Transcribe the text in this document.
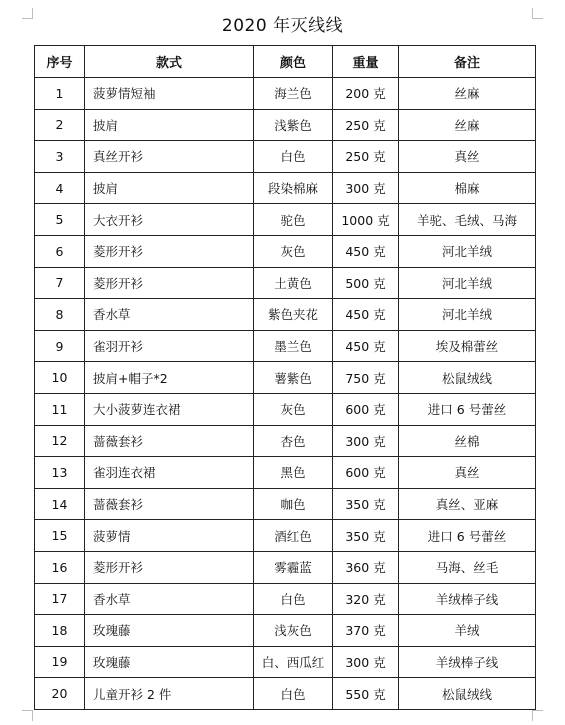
2020 年灭线线
序号	款式	颜色	重量	备注
1	菠萝情短袖	海兰色	200 克	丝麻
2	披肩	浅紫色	250 克	丝麻
3	真丝开衫	白色	250 克	真丝
4	披肩	段染棉麻	300 克	棉麻
5	大衣开衫	驼色	1000 克	羊驼、毛绒、马海
6	菱形开衫	灰色	450 克	河北羊绒
7	菱形开衫	土黄色	500 克	河北羊绒
8	香水草	紫色夹花	450 克	河北羊绒
9	雀羽开衫	墨兰色	450 克	埃及棉蕾丝
10	披肩+帽子*2	薯紫色	750 克	松鼠绒线
11	大小菠萝连衣裙	灰色	600 克	进口 6 号蕾丝
12	蔷薇套衫	杏色	300 克	丝棉
13	雀羽连衣裙	黑色	600 克	真丝
14	蔷薇套衫	咖色	350 克	真丝、亚麻
15	菠萝情	酒红色	350 克	进口 6 号蕾丝
16	菱形开衫	雾霾蓝	360 克	马海、丝毛
17	香水草	白色	320 克	羊绒棒子线
18	玫瑰藤	浅灰色	370 克	羊绒
19	玫瑰藤	白、西瓜红	300 克	羊绒棒子线
20	儿童开衫 2 件	白色	550 克	松鼠绒线
